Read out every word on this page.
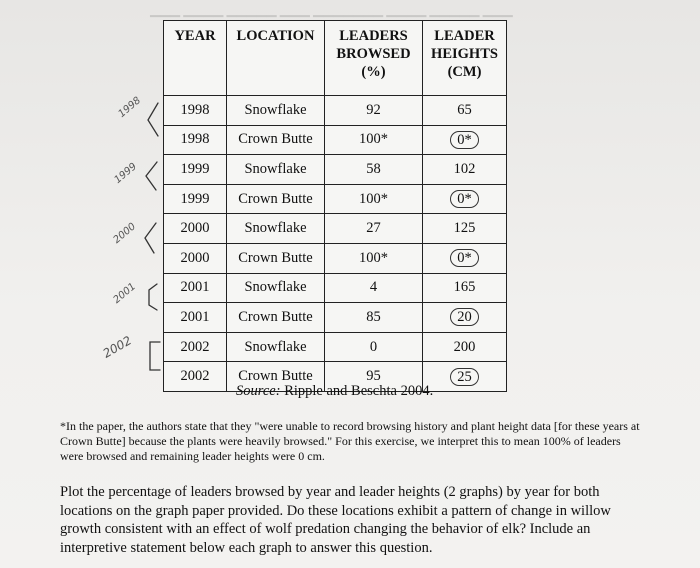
▁▁▁ ▁▁▁▁ ▁▁▁▁▁ ▁▁▁ ▁▁▁▁▁▁▁ ▁▁▁▁ ▁▁▁▁▁ ▁▁▁
YEAR	LOCATION	LEADERS BROWSED (%)	LEADER HEIGHTS (CM)
1998	Snowflake	92	65
1998	Crown Butte	100*	0*
1999	Snowflake	58	102
1999	Crown Butte	100*	0*
2000	Snowflake	27	125
2000	Crown Butte	100*	0*
2001	Snowflake	4	165
2001	Crown Butte	85	20
2002	Snowflake	0	200
2002	Crown Butte	95	25
Source: Ripple and Beschta 2004.
*In the paper, the authors state that they "were unable to record browsing history and plant height data [for these years at Crown Butte] because the plants were heavily browsed." For this exercise, we interpret this to mean 100% of leaders were browsed and remaining leader heights were 0 cm.
Plot the percentage of leaders browsed by year and leader heights (2 graphs) by year for both locations on the graph paper provided. Do these locations exhibit a pattern of change in willow growth consistent with an effect of wolf predation changing the behavior of elk? Include an interpretive statement below each graph to answer this question.
1998
1999
2000
2001
2002
